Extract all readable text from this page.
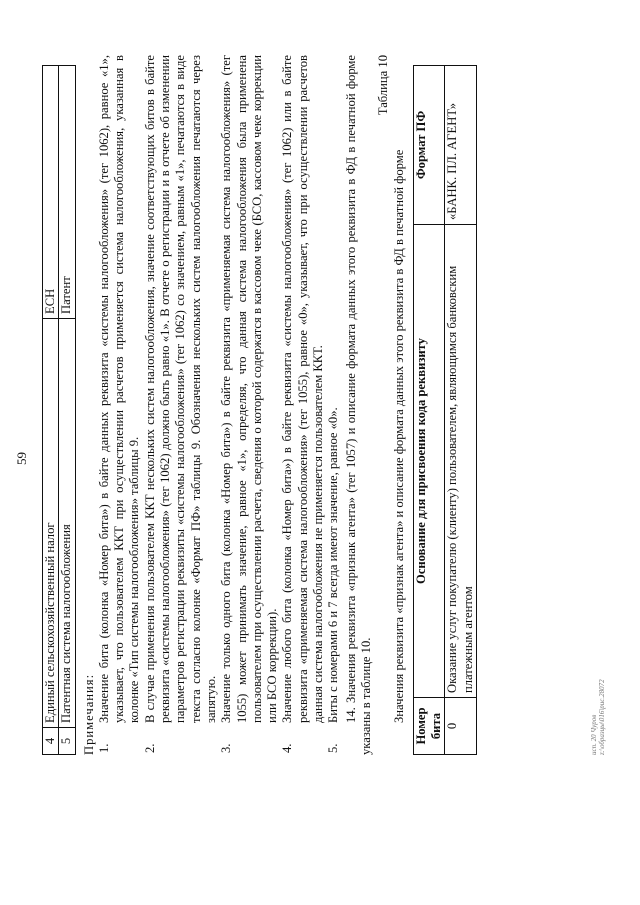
59
4	Единый сельскохозяйственный налог	ЕСН
5	Патентная система налогообложения	Патент
Примечания: 1.
Значение бита (колонка «Номер бита») в байте данных реквизита «системы налогообложения» (тег 1062), равное «1», указывает, что пользователем ККТ при осуществлении расчетов применяется система налогообложения, указанная в колонке «Тип системы налогообложения» таблицы 9.
2.
В случае применения пользователем ККТ нескольких систем налогообложения, значение соответствующих битов в байте реквизита «системы налогообложения» (тег 1062) должно быть равно «1». В отчете о регистрации и в отчете об изменении параметров регистрации реквизиты «системы налогообложения» (тег 1062) со значением, равным «1», печатаются в виде текста согласно колонке «Формат ПФ» таблицы 9. Обозначения нескольких систем налогообложения печатаются через запятую.
3.
Значение только одного бита (колонка «Номер бита») в байте реквизита «применяемая система налогообложения» (тег 1055) может принимать значение, равное «1», определяя, что данная система налогообложения была применена пользователем при осуществлении расчета, сведения о которой содержатся в кассовом чеке (БСО, кассовом чеке коррекции или БСО коррекции).
4.
Значение любого бита (колонка «Номер бита») в байте реквизита «системы налогообложения» (тег 1062) или в байте реквизита «применяемая система налогообложения» (тег 1055), равное «0», указывает, что при осуществлении расчетов данная система налогообложения не применяется пользователем ККТ.
5.
Биты с номерами 6 и 7 всегда имеют значение, равное «0». 14. Значения реквизита «признак агента» (тег 1057) и описание формата данных этого реквизита в ФД в печатной форме указаны в таблице 10.
Таблица 10
Значения реквизита «признак агента» и описание формата данных этого реквизита в ФД в печатной форме
Номер бита	Основание для присвоения кода реквизиту	Формат ПФ
0	Оказание услуг покупателю (клиенту) пользователем, являющимся банковским платежным агентом	«БАНК. ПЛ. АГЕНТ»
исп. 20 Чуров z:\образцы\016\рис.28072
